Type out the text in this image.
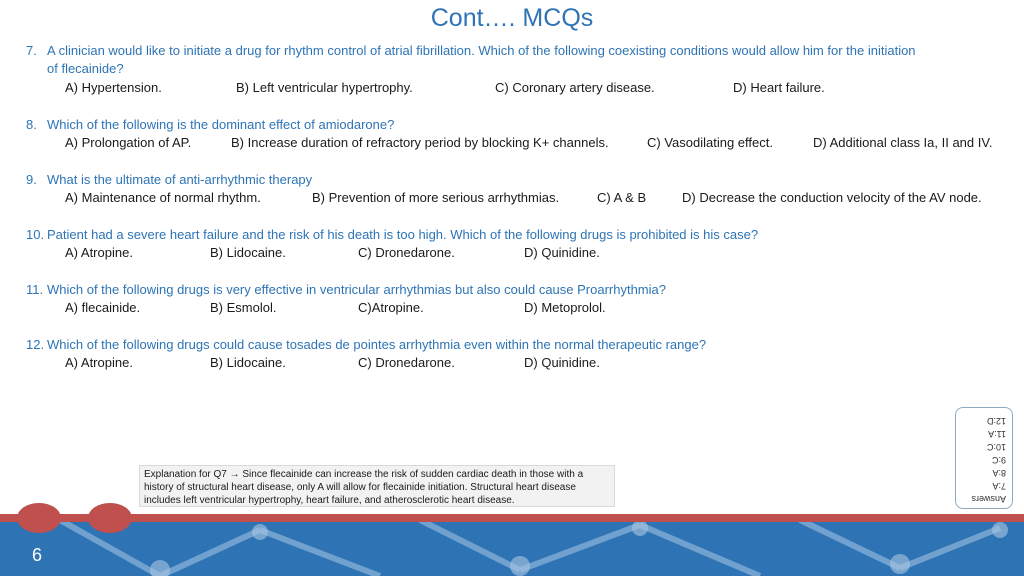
Cont…. MCQs
7. A clinician would like to initiate a drug for rhythm control of atrial fibrillation. Which of the following coexisting conditions would allow him for the initiation
of flecainide?
A) Hypertension.	B) Left ventricular hypertrophy.	C) Coronary artery disease.	D) Heart failure.
8. Which of the following is the dominant effect of amiodarone?
A) Prolongation of AP.	B) Increase duration of refractory period by blocking K+ channels.	C) Vasodilating effect.	D) Additional class Ia, II and IV.
9. What is the ultimate of anti-arrhythmic therapy
A) Maintenance of normal rhythm.	B) Prevention of more serious arrhythmias.	C) A & B	D) Decrease the conduction velocity of the AV node.
10. Patient had a severe heart failure and the risk of his death is too high. Which of the following drugs is prohibited is his case?
A) Atropine.	B) Lidocaine.	C) Dronedarone.	D) Quinidine.
11. Which of the following drugs is very effective in ventricular arrhythmias but also could cause Proarrhythmia?
A) flecainide.	B) Esmolol.	C)Atropine.	D) Metoprolol.
12. Which of the following drugs could cause tosades de pointes arrhythmia even within the normal therapeutic range?
A) Atropine.	B) Lidocaine.	C) Dronedarone.	D) Quinidine.
Explanation for Q7 → Since flecainide can increase the risk of sudden cardiac death in those with a history of structural heart disease, only A will allow for flecainide initiation. Structural heart disease includes left ventricular hypertrophy, heart failure, and atherosclerotic heart disease.	Answers
7:A
8:A
9:C
10:C
11:A
12:D
6
